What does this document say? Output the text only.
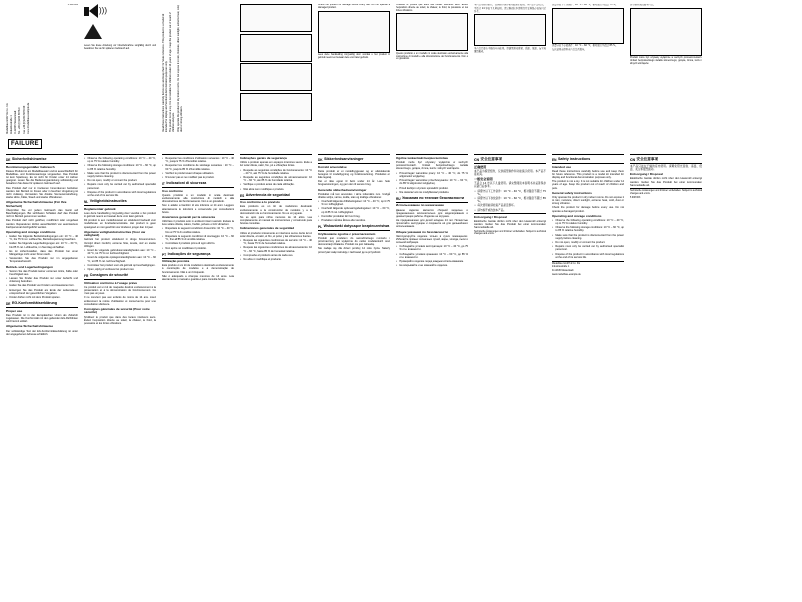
5 008 003
Modellbau GmbH & Co. KG Industriestraße 1 D-12345 Musterstadt Tel. +49 (0)1234 5678-0 Fax +49 (0)1234 5678-99 www.modellbau-example.de
FAILURE
DE Sicherheitshinweise
Bestimmungsgemäßer Gebrauch

Dieses Produkt ist ein Modellbausatz und ist ausschließlich für Modellbau- und Funktionsanzeige vorgesehen. Das Produkt ist kein Spielzeug. Es ist nicht für Kinder unter 14 Jahren geeignet. Lesen Sie die Bedienungsanleitung vollständig und bewahren Sie diese für späteren Gebrauch auf.

Das Produkt darf nur in trockenen Innenräumen betrieben werden. Ein Betrieb im Freien oder in feuchter Umgebung ist nicht zulässig. Vermeiden Sie direkte Sonneneinstrahlung, starke Hitze, Kälte, Staub und starke Vibrationen.

Allgemeine Sicherheitshinweise (Für Ihre Sicherheit)

Überprüfen Sie vor jedem Gebrauch das Gerät auf Beschädigungen. Bei sichtbaren Schäden darf das Produkt nicht in Betrieb genommen werden.

Das Produkt darf nicht geöffnet, modifiziert oder umgebaut werden. Reparaturen dürfen ausschließlich von autorisiertem Fachpersonal durchgeführt werden.

Operating and storage conditions
• Halten Sie folgende Betriebsbedingungen ein: 10 °C – 40 °C, bis 75 % rel. Luftfeuchte, Betriebsspannung beachten.
• Halten Sie folgende Lagerbedingungen ein: 10 °C – 60 °C, bis 85 % rel. Luftfeuchte, im Nennlag einhaltbar.
• Es ist sicherzustellen, dass das Produkt bei einer Mängelrüge nicht unter Strom steht.
• Verwenden Sie das Produkt nur im angegebenen Temperaturbereich.
Betrieb- und Lagerbedingungen
• Setzen Sie das Produkt keiner extremen Hitze, Kälte oder Feuchtigkeit aus.
• Lassen Sie Kinder das Produkt nur unter Aufsicht und Anleitung betreiben.
• Halten Sie das Produkt von Kindern und Haustieren fern.
• Entsorgen Sie das Produkt am Ende der Lebensdauer entsprechend der gesetzlichen Vorgaben.
• Kinder dürfen nicht mit dem Produkt spielen.
DE EG-Konformitätserklärung
Proper use

Das Produkt ist in der Europäischen Union als Zubehör zugelassen. Die Konformität mit den geltenden EG-Richtlinien wird hiermit erklärt.

Allgemeine Sicherheitshinweise

Der vollständige Text der EG-Konformitätserklärung ist unter der angegebenen Adresse erhältlich.

)))

Lesen Sie diese Anleitung vor Inbetriebnahme sorgfältig durch und bewahren Sie sie für späteren Gebrauch auf.

• Observe the following operating conditions: 10 °C – 40 °C, up to 75 % relative humidity.
• Observe the following storage conditions: 10 °C – 60 °C, up to 85 % relative humidity.
• Make sure that the product is disconnected from the power supply before cleaning.
• Do not open, modify or convert the product.
• Repairs must only be carried out by authorised specialist personnel.
• Dispose of the product in accordance with local regulations at the end of its service life.
NL Veiligheidsinstructies
Reglementair gebruik

Lees deze handleiding zorgvuldig door voordat u het product in gebruik neemt en bewaar deze voor later gebruik.

Dit product is een modelbouwset en uitsluitend bedoeld voor modelbouw- en functiedemonstratie. Het product is geen speelgoed en niet geschikt voor kinderen jonger dan 14 jaar.

Algemene veiligheidsinstructies (Voor uw veiligheid)

Gebruik het product uitsluitend in droge binnenruimten. Vermijd direct zonlicht, extreme hitte, koude, stof en sterke trillingen.

• Houd de volgende gebruiksomstandigheden aan: 10 °C – 40 °C, tot 75 % rel. luchtvochtigheid.
• Houd de volgende opslagomstandigheden aan: 10 °C – 60 °C, tot 85 % rel. luchtvochtigheid.
• Controleer het product voor elk gebruik op beschadigingen.
• Open, wijzig of verbouw het product niet.
FR Consignes de sécurité
Utilisation conforme à l'usage prévu

Ce produit est un kit de maquette destiné exclusivement à la présentation et à la démonstration de fonctionnement. Ce n'est pas un jouet.

Il ne convient pas aux enfants de moins de 14 ans. Lisez entièrement la notice d'utilisation et conservez-la pour une consultation ultérieure.

Consignes générales de sécurité (Pour votre sécurité)

N'utilisez le produit que dans des locaux intérieurs secs. Évitez l'exposition directe au soleil, la chaleur, le froid, la poussière et les fortes vibrations.

Read these instructions carefully before use and keep them for future reference. This product is a model kit intended for display and functional demonstration purposes only. The product is not a toy. It is not suitable for children under 14 years of age. Keep the product out of reach of children and pets. Only operate the product in dry indoor rooms. Do not expose it to rain, moisture, direct sunlight, extreme heat, cold, dust or strong vibration.
• Respectez les conditions d'utilisation suivantes : 10 °C – 40 °C, jusqu'à 75 % d'humidité relative.
• Respectez les conditions de stockage suivantes : 10 °C – 60 °C, jusqu'à 85 % d'humidité relative.
• Vérifiez le produit avant chaque utilisation.
• N'ouvrez pas et ne modifiez pas le produit.
IT Indicazioni di sicurezza
Uso conforme

Questo prodotto è un modello in scala destinato esclusivamente alla costruzione di modelli e alla dimostrazione del funzionamento. Non è un giocattolo.

Non è adatto a bambini di età inferiore ai 14 anni. Leggere attentamente le istruzioni e conservarle per consultazioni future.

Avvertenze generali per la sicurezza

Utilizzare il prodotto solo in ambienti interni asciutti. Evitare la luce solare diretta, calore, freddo, polvere e forti vibrazioni.

• Rispettare le seguenti condizioni d'esercizio: 10 °C – 40 °C, fino al 75 % di umidità relativa.
• Rispettare le seguenti condizioni di stoccaggio: 10 °C – 60 °C, fino all'85 % di umidità relativa.
• Controllare il prodotto prima di ogni utilizzo.
• Non aprire né modificare il prodotto.
PT Indicações de segurança
Utilização prevista

Este produto é um kit de modelismo destinado exclusivamente à construção de modelos e à demonstração de funcionamento. Não é um brinquedo.

Não é adequado a crianças menores de 14 anos. Leia atentamente o manual e guarde-o para consulta futura.

Indicações gerais de segurança

Utilize o produto apenas em espaços interiores secos. Evite a luz solar direta, calor, frio, pó e vibrações fortes.

• Respeite as seguintes condições de funcionamento: 10 °C – 40 °C, até 75 % de humidade relativa.
• Respeite as seguintes condições de armazenamento: 10 °C – 60 °C, até 85 % de humidade relativa.
• Verifique o produto antes de cada utilização.
• Não abra nem modifique o produto.
ES Advertencia de seguridad
Uso conforme a lo previsto

Este producto es un kit de modelismo destinado exclusivamente a la construcción de modelos y a la demostración de su funcionamiento. No es un juguete.

No es apto para niños menores de 14 años. Lea completamente el manual de instrucciones y consérvelo para futuras consultas.

Indicaciones generales de seguridad

Utilice el producto únicamente en interiores secos. Evite la luz solar directa, el calor, el frío, el polvo y las vibraciones fuertes.

• Respete las siguientes condiciones de servicio: 10 °C – 40 °C, hasta 75 % de humedad relativa.
• Respete las siguientes condiciones de almacenamiento: 10 °C – 60 °C, hasta 85 % de humedad relativa.
• Compruebe el producto antes de cada uso.
• No abra ni modifique el producto.

Check the product for damage before every use. Do not operate a damaged product.

Lees deze handleiding zorgvuldig door voordat u het product in gebruik neemt en bewaar deze voor later gebruik.

DK Sikkerhedsanvisninger
Korrekt anvendelse

Dette produkt er et modelbyggesæt og er udelukkende beregnet til modelbygning og funktionsvisning. Produktet er ikke legetøj.

Det er ikke egnet til børn under 14 år. Læs hele brugsanvisningen, og gem den til senere brug.

Generelle sikkerhedsanvisninger

Produktet må kun anvendes i tørre indendørs rum. Undgå direkte sollys, varme, kulde, støv og kraftige vibrationer.

• Overhold følgende driftsbetingelser: 10 °C – 40 °C, op til 75 % rel. luftfugtighed.
• Overhold følgende opbevaringsbetingelser: 10 °C – 60 °C, op til 85 % rel. luftfugtighed.
• Kontrollér produktet før hver brug.
• Produktet må ikke åbnes eller ændres.
PL Wskazówki dotyczące bezpieczeństwa
Użytkowanie zgodne z przeznaczeniem

Produkt jest modelem do samodzielnego montażu i przeznaczony jest wyłącznie do celów modelarskich oraz demonstracji działania. Produkt nie jest zabawką.

Nie nadaje się dla dzieci poniżej 14 roku życia. Należy przeczytać całą instrukcję i zachować ją na przyszłość.

N'utilisez le produit que dans des locaux intérieurs secs. Évitez l'exposition directe au soleil, la chaleur, le froid, la poussière et les fortes vibrations.

Questo prodotto è un modello in scala destinato esclusivamente alla costruzione di modelli e alla dimostrazione del funzionamento. Non è un giocattolo.

Ogólne wskazówki bezpieczeństwa

Produkt może być używany wyłącznie w suchych pomieszczeniach. Unikać bezpośredniego światła słonecznego, gorąca, zimna, kurzu i silnych wstrząsów.

• Przestrzegać warunków pracy: 10 °C – 40 °C, do 75 % wilgotności względnej.
• Przestrzegać warunków przechowywania: 10 °C – 60 °C, do 85 % wilgotności względnej.
• Przed każdym użyciem sprawdzić produkt.
• Nie otwierać ani nie modyfikować produktu.
RU Указания по технике безопасности
Использование по назначению

Данное изделие является сборной моделью и предназначено исключительно для моделирования и демонстрации работы. Изделие не игрушка.

Не предназначено для детей младше 14 лет. Полностью прочитайте инструкцию и сохраните её для дальнейшего использования.

Общие указания по безопасности

Эксплуатируйте изделие только в сухих помещениях. Избегайте прямых солнечных лучей, жары, холода, пыли и сильной вибрации.

• Соблюдайте условия эксплуатации: 10 °C – 40 °C, до 75 % отн. влажности.
• Соблюдайте условия хранения: 10 °C – 60 °C, до 85 % отн. влажности.
• Проверяйте изделие перед каждым использованием.
• Не вскрывайте и не изменяйте изделие.

本产品为模型组件，仅供模型制作和功能演示使用。本产品不是玩具。

不适合 14 岁以下儿童使用。请完整阅读本说明书并妥善保存以备日后参考。

本产品只能在干燥的室内使用。请避免阳光直射、高温、低温、灰尘和强烈振动。

CN 安全注意事项
正确使用

本产品为模型组件，仅供模型制作和功能演示使用。本产品不是玩具。

一般安全说明

不适合 14 岁以下儿童使用。请完整阅读本说明书并妥善保存以备日后参考。

• 请遵守以下工作条件：10 °C – 40 °C，相对湿度不超过 75 %。
• 请遵守以下存放条件：10 °C – 60 °C，相对湿度不超过 85 %。
• 每次使用前请检查产品是否损坏。
• 请勿拆开或改装本产品。
Entsorgung / Disposal

Elektrische Geräte dürfen nicht über den Hausmüll entsorgt werden. Geben Sie das Produkt bei einer kommunalen Sammelstelle ab.

Technische Änderungen und Irrtümer vorbehalten. Subject to technical changes and errors.

请遵守以下工作条件：10 °C – 40 °C，相对湿度不超过 75 %。

请遵守以下存放条件：10 °C – 60 °C，相对湿度不超过 85 %。

每次使用前请检查产品是否损坏。

EN Safety instructions
Intended use

Read these instructions carefully before use and keep them for future reference. This product is a model kit intended for display and functional demonstration purposes only.

The product is not a toy. It is not suitable for children under 14 years of age. Keep the product out of reach of children and pets.

General safety instructions

Only operate the product in dry indoor rooms. Do not expose it to rain, moisture, direct sunlight, extreme heat, cold, dust or strong vibration.

Check the product for damage before every use. Do not operate a damaged product.

Operating and storage conditions
• Observe the following operating conditions: 10 °C – 40 °C, up to 75 % relative humidity.
• Observe the following storage conditions: 10 °C – 60 °C, up to 85 % relative humidity.
• Make sure that the product is disconnected from the power supply before cleaning.
• Do not open, modify or convert the product.
• Repairs must only be carried out by authorised specialist personnel.
• Dispose of the product in accordance with local regulations at the end of its service life.

Modellbau GmbH & Co. KG

Industriestraße 1

D-12345 Musterstadt

www.modellbau-example.de

请勿拆开或改装本产品。

Produkt może być używany wyłącznie w suchych pomieszczeniach. Unikać bezpośredniego światła słonecznego, gorąca, zimna, kurzu i silnych wstrząsów.

CN 安全注意事项

本产品只能在干燥的室内使用。请避免阳光直射、高温、低温、灰尘和强烈振动。

Entsorgung / Disposal

Elektrische Geräte dürfen nicht über den Hausmüll entsorgt werden. Geben Sie das Produkt bei einer kommunalen Sammelstelle ab.

Technische Änderungen und Irrtümer vorbehalten. Subject to technical changes and errors.

5 008 003
